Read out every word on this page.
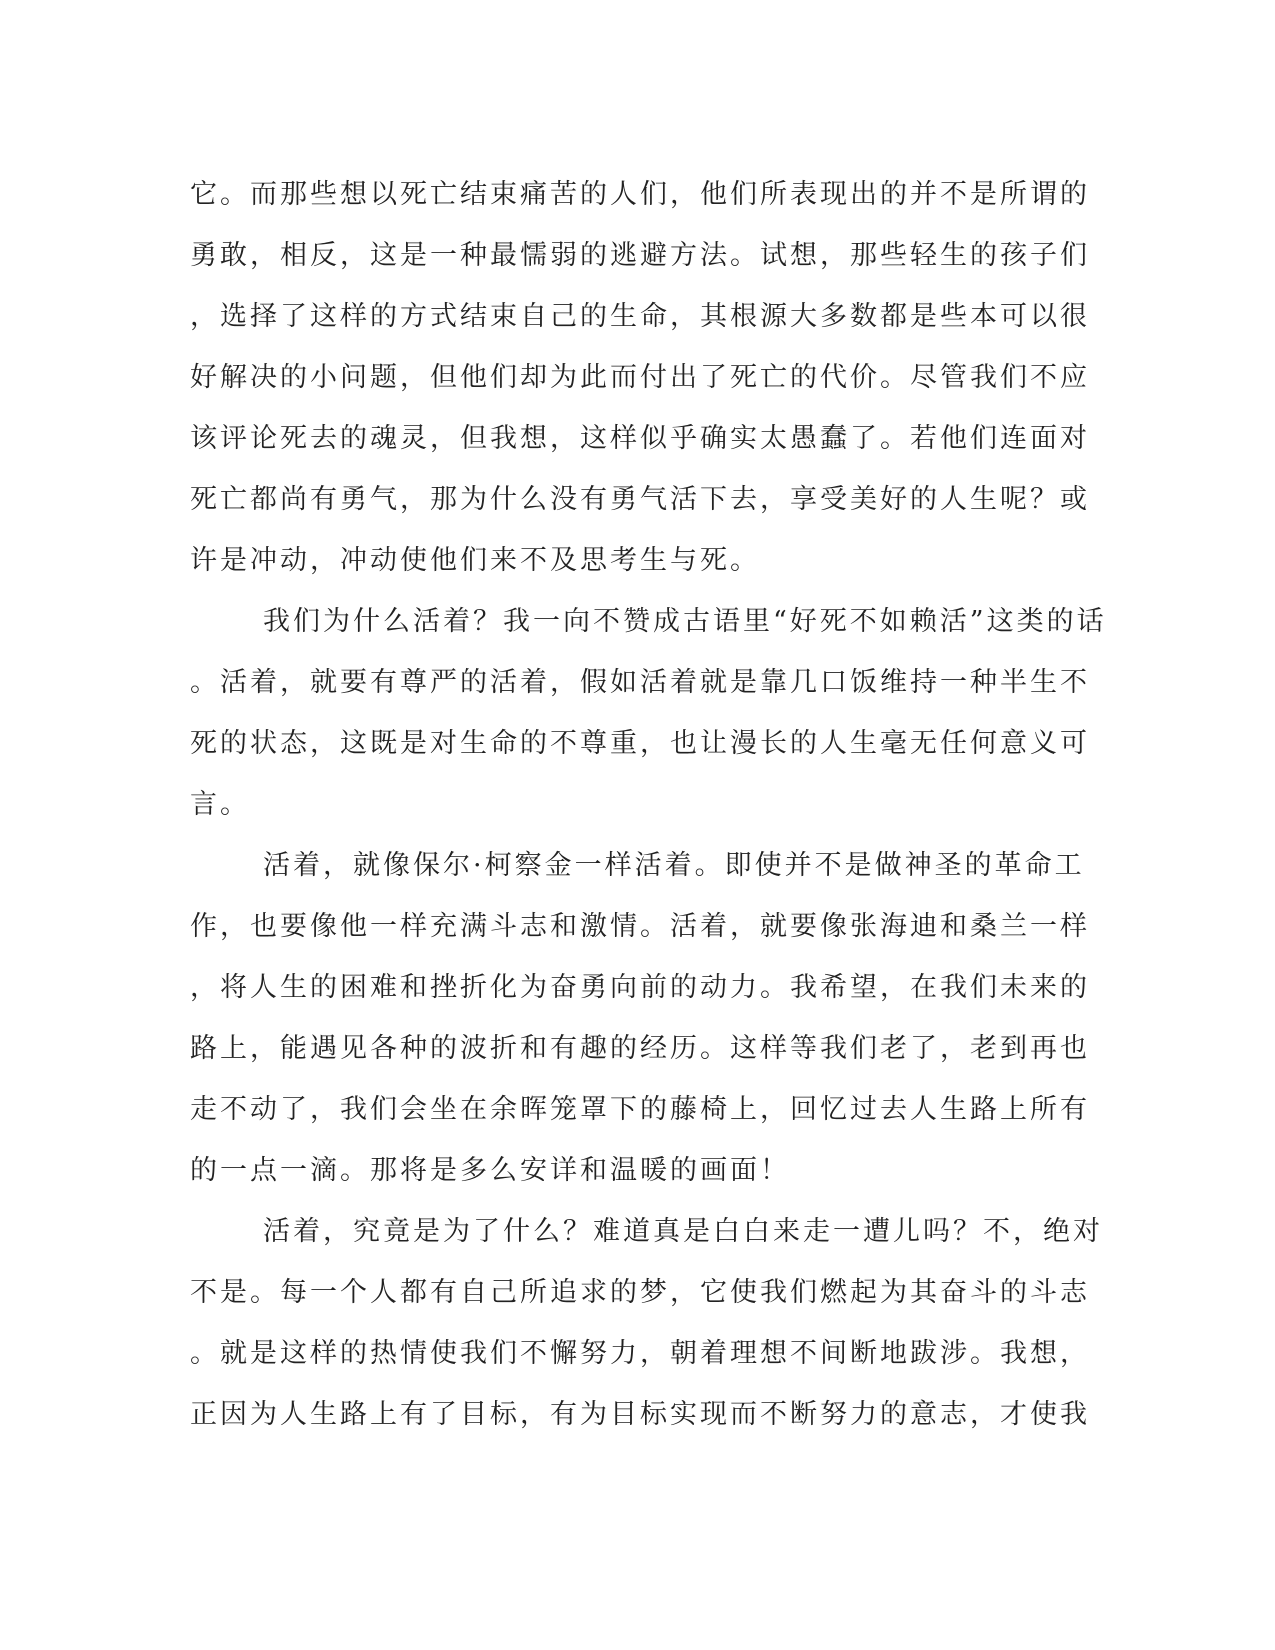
它。而那些想以死亡结束痛苦的人们，他们所表现出的并不是所谓的
勇敢，相反，这是一种最懦弱的逃避方法。试想，那些轻生的孩子们
，选择了这样的方式结束自己的生命，其根源大多数都是些本可以很
好解决的小问题，但他们却为此而付出了死亡的代价。尽管我们不应
该评论死去的魂灵，但我想，这样似乎确实太愚蠢了。若他们连面对
死亡都尚有勇气，那为什么没有勇气活下去，享受美好的人生呢？或
许是冲动，冲动使他们来不及思考生与死。
我们为什么活着？我一向不赞成古语里“好死不如赖活”这类的话
。活着，就要有尊严的活着，假如活着就是靠几口饭维持一种半生不
死的状态，这既是对生命的不尊重，也让漫长的人生毫无任何意义可
言。
活着，就像保尔·柯察金一样活着。即使并不是做神圣的革命工
作，也要像他一样充满斗志和激情。活着，就要像张海迪和桑兰一样
，将人生的困难和挫折化为奋勇向前的动力。我希望，在我们未来的
路上，能遇见各种的波折和有趣的经历。这样等我们老了，老到再也
走不动了，我们会坐在余晖笼罩下的藤椅上，回忆过去人生路上所有
的一点一滴。那将是多么安详和温暖的画面！
活着，究竟是为了什么？难道真是白白来走一遭儿吗？不，绝对
不是。每一个人都有自己所追求的梦，它使我们燃起为其奋斗的斗志
。就是这样的热情使我们不懈努力，朝着理想不间断地跋涉。我想，
正因为人生路上有了目标，有为目标实现而不断努力的意志，才使我
